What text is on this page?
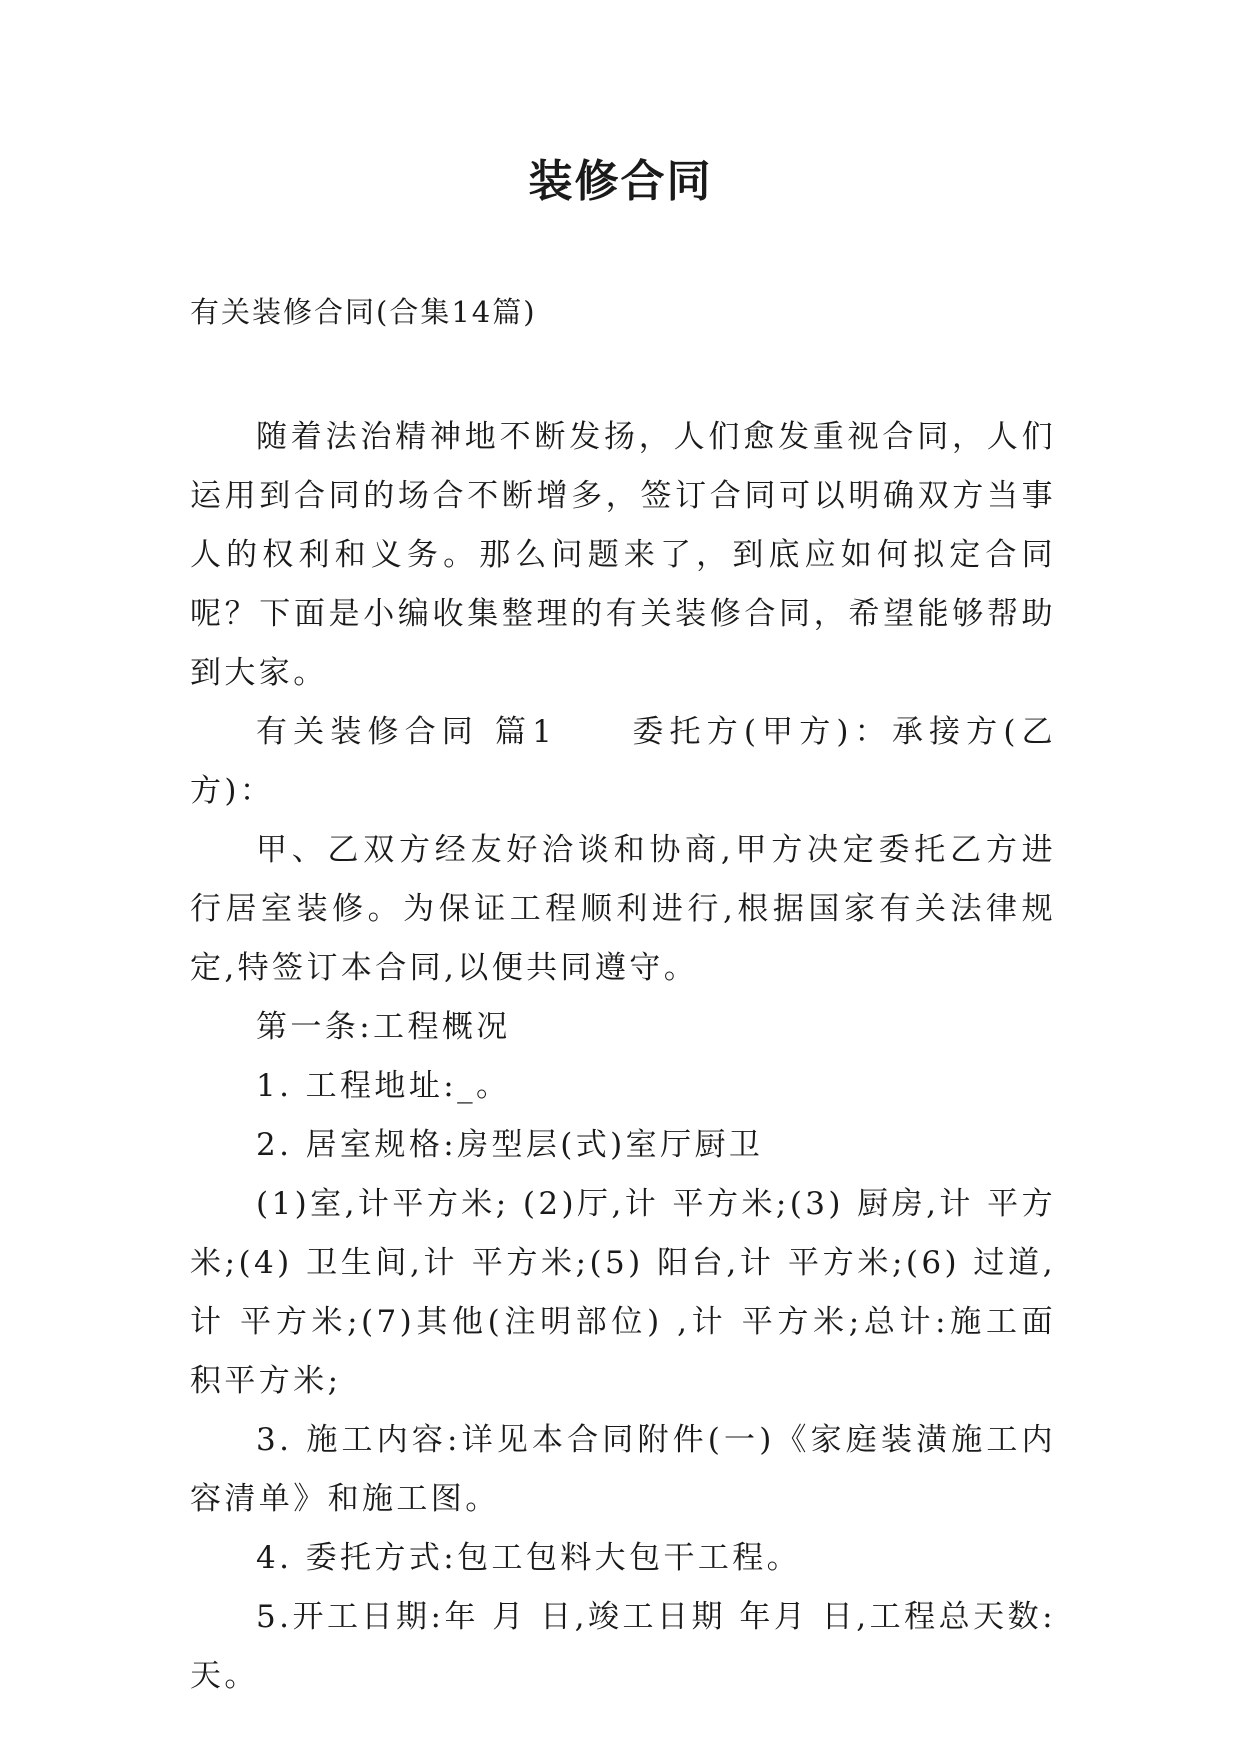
装修合同
有关装修合同(合集14篇)

随着法治精神地不断发扬，人们愈发重视合同，人们运用到合同的场合不断增多，签订合同可以明确双方当事人的权利和义务。那么问题来了，到底应如何拟定合同呢？下面是小编收集整理的有关装修合同，希望能够帮助到大家。

有关装修合同 篇1　　委托方(甲方)：承接方(乙方)：

甲、乙双方经友好洽谈和协商,甲方决定委托乙方进行居室装修。为保证工程顺利进行,根据国家有关法律规定,特签订本合同,以便共同遵守。

第一条:工程概况

1. 工程地址:_。

2. 居室规格:房型层(式)室厅厨卫

(1)室,计平方米; (2)厅,计 平方米;(3) 厨房,计 平方米;(4) 卫生间,计 平方米;(5) 阳台,计 平方米;(6) 过道,计 平方米;(7)其他(注明部位) ,计 平方米;总计:施工面积平方米;

3. 施工内容:详见本合同附件(一)《家庭装潢施工内容清单》和施工图。

4. 委托方式:包工包料大包干工程。

5.开工日期:年 月 日,竣工日期 年月 日,工程总天数:天。
